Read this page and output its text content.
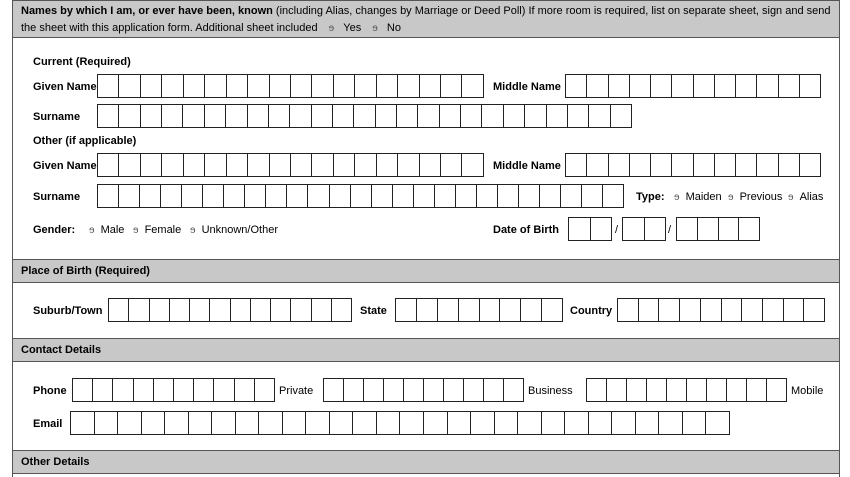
Names by which I am, or ever have been, known (including Alias, changes by Marriage or Deed Poll) If more room is required, list on separate sheet, sign and send the sheet with this application form. Additional sheet included ɘ Yes ɘ No
Current (Required)
Given Name	Middle Name
Surname
Other (if applicable)
Given Name	Middle Name
Surname	Type: ɘ Maiden ɘ Previous ɘ Alias
Gender: ɘ Male ɘ Female ɘ Unknown/Other	Date of Birth	/	/
Place of Birth (Required)
Suburb/Town	State	Country
Contact Details
Phone	Private	Business	Mobile
Email
Other Details
